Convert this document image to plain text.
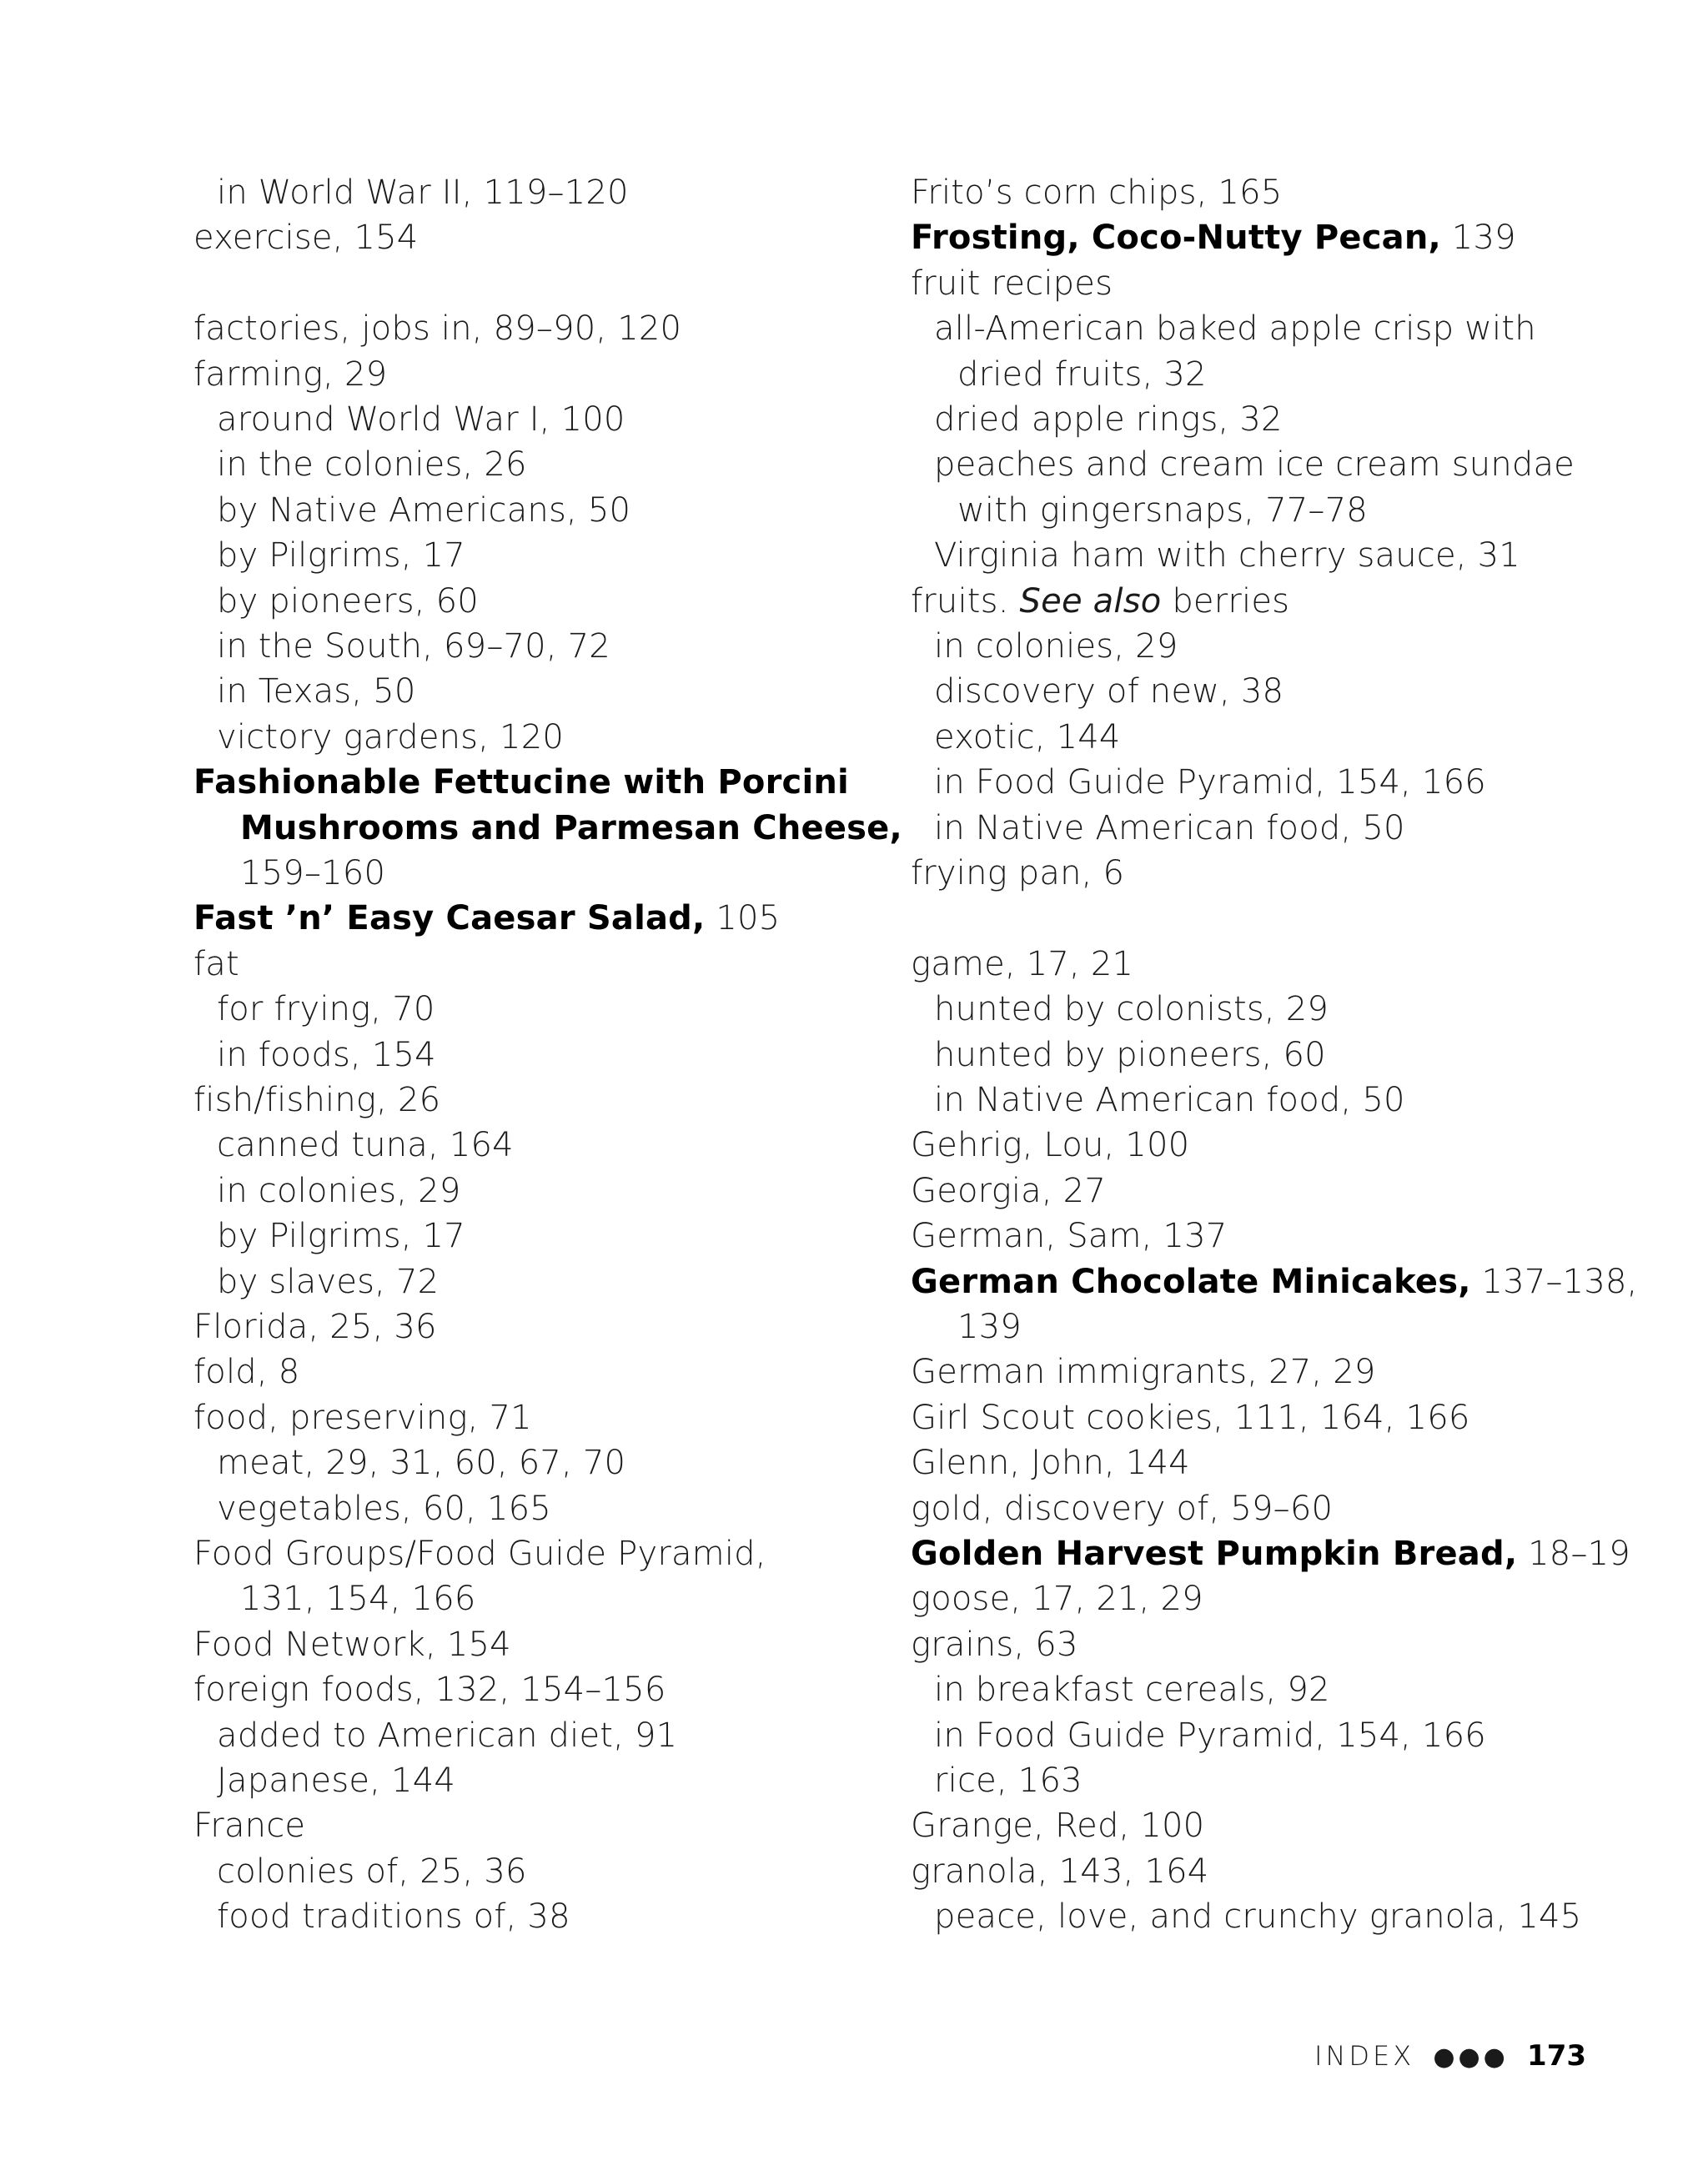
in World War II, 119–120
exercise, 154
factories, jobs in, 89–90, 120
farming, 29
around World War I, 100
in the colonies, 26
by Native Americans, 50
by Pilgrims, 17
by pioneers, 60
in the South, 69–70, 72
in Texas, 50
victory gardens, 120
Fashionable Fettucine with Porcini
Mushrooms and Parmesan Cheese,
159–160
Fast ’n’ Easy Caesar Salad, 105
fat
for frying, 70
in foods, 154
fish/fishing, 26
canned tuna, 164
in colonies, 29
by Pilgrims, 17
by slaves, 72
Florida, 25, 36
fold, 8
food, preserving, 71
meat, 29, 31, 60, 67, 70
vegetables, 60, 165
Food Groups/Food Guide Pyramid,
131, 154, 166
Food Network, 154
foreign foods, 132, 154–156
added to American diet, 91
Japanese, 144
France
colonies of, 25, 36
food traditions of, 38
Frito’s corn chips, 165
Frosting, Coco-Nutty Pecan, 139
fruit recipes
all-American baked apple crisp with
dried fruits, 32
dried apple rings, 32
peaches and cream ice cream sundae
with gingersnaps, 77–78
Virginia ham with cherry sauce, 31
fruits. See also berries
in colonies, 29
discovery of new, 38
exotic, 144
in Food Guide Pyramid, 154, 166
in Native American food, 50
frying pan, 6
game, 17, 21
hunted by colonists, 29
hunted by pioneers, 60
in Native American food, 50
Gehrig, Lou, 100
Georgia, 27
German, Sam, 137
German Chocolate Minicakes, 137–138,
139
German immigrants, 27, 29
Girl Scout cookies, 111, 164, 166
Glenn, John, 144
gold, discovery of, 59–60
Golden Harvest Pumpkin Bread, 18–19
goose, 17, 21, 29
grains, 63
in breakfast cereals, 92
in Food Guide Pyramid, 154, 166
rice, 163
Grange, Red, 100
granola, 143, 164
peace, love, and crunchy granola, 145
INDEX ●●● 173
